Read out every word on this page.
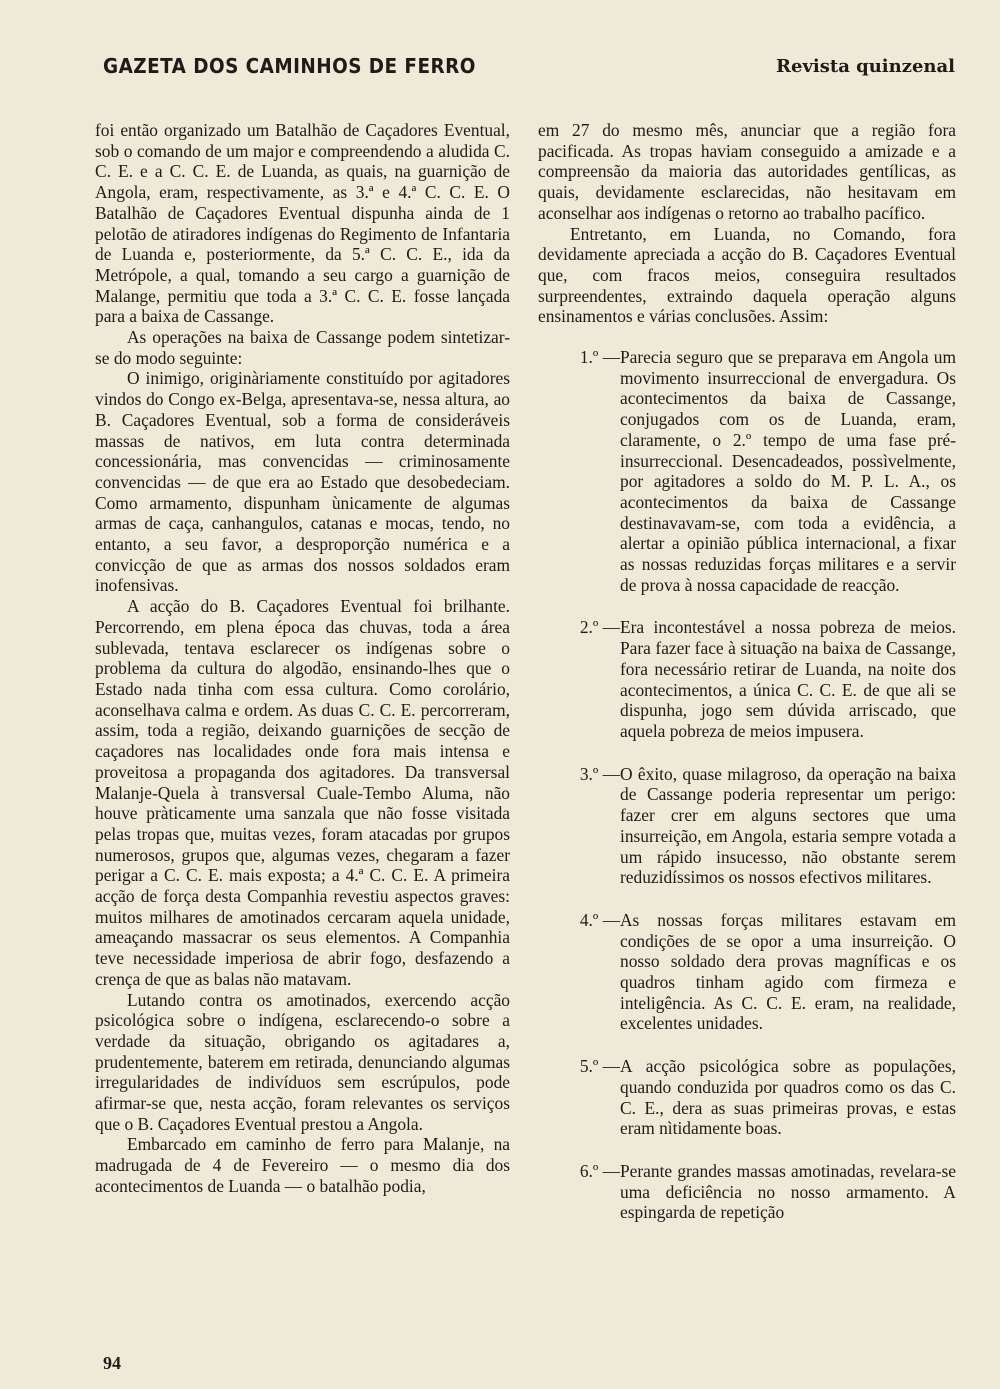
GAZETA DOS CAMINHOS DE FERRO	Revista quinzenal

foi então organizado um Batalhão de Caçadores Eventual, sob o comando de um major e compreendendo a aludida C. C. E. e a C. C. E. de Luanda, as quais, na guarnição de Angola, eram, respectivamente, as 3.ª e 4.ª C. C. E. O Batalhão de Caçadores Eventual dispunha ainda de 1 pelotão de atiradores indígenas do Regimento de Infantaria de Luanda e, posteriormente, da 5.ª C. C. E., ida da Metrópole, a qual, tomando a seu cargo a guarnição de Malange, permitiu que toda a 3.ª C. C. E. fosse lançada para a baixa de Cassange.

As operações na baixa de Cassange podem sintetizar-se do modo seguinte:

O inimigo, originàriamente constituído por agitadores vindos do Congo ex-Belga, apresentava-se, nessa altura, ao B. Caçadores Eventual, sob a forma de consideráveis massas de nativos, em luta contra determinada concessionária, mas convencidas — criminosamente convencidas — de que era ao Estado que desobedeciam. Como armamento, dispunham ùnicamente de algumas armas de caça, canhangulos, catanas e mocas, tendo, no entanto, a seu favor, a desproporção numérica e a convicção de que as armas dos nossos soldados eram inofensivas.

A acção do B. Caçadores Eventual foi brilhante. Percorrendo, em plena época das chuvas, toda a área sublevada, tentava esclarecer os indígenas sobre o problema da cultura do algodão, ensinando-lhes que o Estado nada tinha com essa cultura. Como corolário, aconselhava calma e ordem. As duas C. C. E. percorreram, assim, toda a região, deixando guarnições de secção de caçadores nas localidades onde fora mais intensa e proveitosa a propaganda dos agitadores. Da transversal Malanje-Quela à transversal Cuale-Tembo Aluma, não houve pràticamente uma sanzala que não fosse visitada pelas tropas que, muitas vezes, foram atacadas por grupos numerosos, grupos que, algumas vezes, chegaram a fazer perigar a C. C. E. mais exposta; a 4.ª C. C. E. A primeira acção de força desta Companhia revestiu aspectos graves: muitos milhares de amotinados cercaram aquela unidade, ameaçando massacrar os seus elementos. A Companhia teve necessidade imperiosa de abrir fogo, desfazendo a crença de que as balas não matavam.

Lutando contra os amotinados, exercendo acção psicológica sobre o indígena, esclarecendo-o sobre a verdade da situação, obrigando os agitadares a, prudentemente, baterem em retirada, denunciando algumas irregularidades de indivíduos sem escrúpulos, pode afirmar-se que, nesta acção, foram relevantes os serviços que o B. Caçadores Eventual prestou a Angola.

Embarcado em caminho de ferro para Malanje, na madrugada de 4 de Fevereiro — o mesmo dia dos acontecimentos de Luanda — o batalhão podia,

em 27 do mesmo mês, anunciar que a região fora pacificada. As tropas haviam conseguido a amizade e a compreensão da maioria das autoridades gentílicas, as quais, devidamente esclarecidas, não hesitavam em aconselhar aos indígenas o retorno ao trabalho pacífico.

Entretanto, em Luanda, no Comando, fora devidamente apreciada a acção do B. Caçadores Eventual que, com fracos meios, conseguira resultados surpreendentes, extraindo daquela operação alguns ensinamentos e várias conclusões. Assim:

1.º — Parecia seguro que se preparava em Angola um movimento insurreccional de envergadura. Os acontecimentos da baixa de Cassange, conjugados com os de Luanda, eram, claramente, o 2.º tempo de uma fase pré-insurreccional. Desencadeados, possìvelmente, por agitadores a soldo do M. P. L. A., os acontecimentos da baixa de Cassange destinavavam-se, com toda a evidência, a alertar a opinião pública internacional, a fixar as nossas reduzidas forças militares e a servir de prova à nossa capacidade de reacção.
2.º — Era incontestável a nossa pobreza de meios. Para fazer face à situação na baixa de Cassange, fora necessário retirar de Luanda, na noite dos acontecimentos, a única C. C. E. de que ali se dispunha, jogo sem dúvida arriscado, que aquela pobreza de meios impusera.
3.º — O êxito, quase milagroso, da operação na baixa de Cassange poderia representar um perigo: fazer crer em alguns sectores que uma insurreição, em Angola, estaria sempre votada a um rápido insucesso, não obstante serem reduzidíssimos os nossos efectivos militares.
4.º — As nossas forças militares estavam em condições de se opor a uma insurreição. O nosso soldado dera provas magníficas e os quadros tinham agido com firmeza e inteligência. As C. C. E. eram, na realidade, excelentes unidades.
5.º — A acção psicológica sobre as populações, quando conduzida por quadros como os das C. C. E., dera as suas primeiras provas, e estas eram nìtidamente boas.
6.º — Perante grandes massas amotinadas, revelara-se uma deficiência no nosso armamento. A espingarda de repetição
94
